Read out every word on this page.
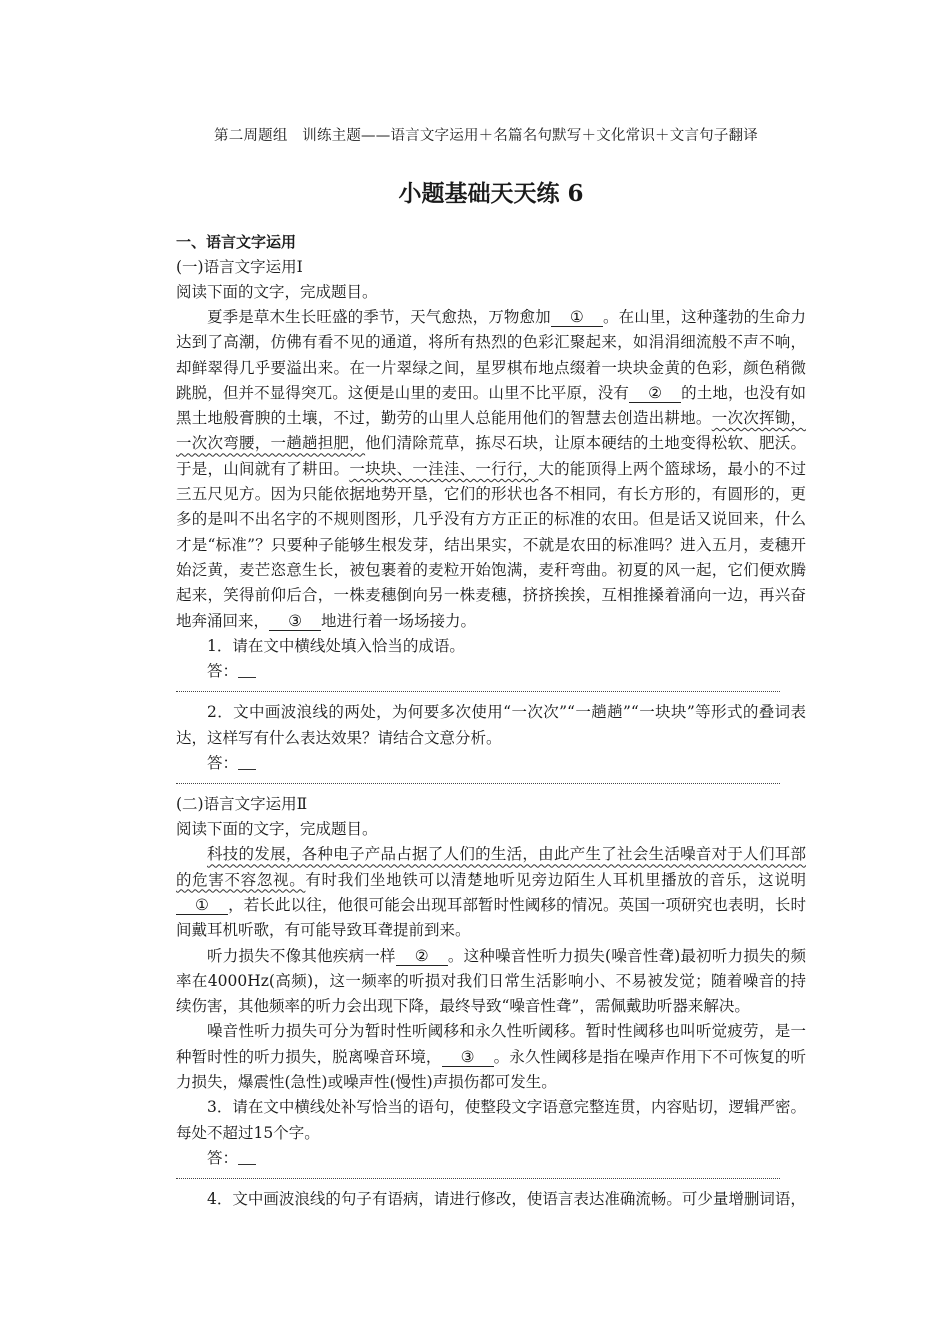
第二周题组　训练主题——语言文字运用＋名篇名句默写＋文化常识＋文言句子翻译
小题基础天天练 6

一、语言文字运用

(一)语言文字运用Ⅰ

阅读下面的文字，完成题目。

夏季是草木生长旺盛的季节，天气愈热，万物愈加 ① 。在山里，这种蓬勃的生命力达到了高潮，仿佛有看不见的通道，将所有热烈的色彩汇聚起来，如涓涓细流般不声不响，却鲜翠得几乎要溢出来。在一片翠绿之间，星罗棋布地点缀着一块块金黄的色彩，颜色稍微跳脱，但并不显得突兀。这便是山里的麦田。山里不比平原，没有 ② 的土地，也没有如黑土地般膏腴的土壤，不过，勤劳的山里人总能用他们的智慧去创造出耕地。一次次挥锄，一次次弯腰，一趟趟担肥，他们清除荒草，拣尽石块，让原本硬结的土地变得松软、肥沃。于是，山间就有了耕田。一块块、一洼洼、一行行，大的能顶得上两个篮球场，最小的不过三五尺见方。因为只能依据地势开垦，它们的形状也各不相同，有长方形的，有圆形的，更多的是叫不出名字的不规则图形，几乎没有方方正正的标准的农田。但是话又说回来，什么才是“标准”？只要种子能够生根发芽，结出果实，不就是农田的标准吗？进入五月，麦穗开始泛黄，麦芒恣意生长，被包裹着的麦粒开始饱满，麦秆弯曲。初夏的风一起，它们便欢腾起来，笑得前仰后合，一株麦穗倒向另一株麦穗，挤挤挨挨，互相推搡着涌向一边，再兴奋地奔涌回来， ③ 地进行着一场场接力。

1．请在文中横线处填入恰当的成语。

答：

2．文中画波浪线的两处，为何要多次使用“一次次”“一趟趟”“一块块”等形式的叠词表达，这样写有什么表达效果？请结合文意分析。

答：

(二)语言文字运用Ⅱ

阅读下面的文字，完成题目。

科技的发展，各种电子产品占据了人们的生活，由此产生了社会生活噪音对于人们耳部的危害不容忽视。有时我们坐地铁可以清楚地听见旁边陌生人耳机里播放的音乐，这说明① ，若长此以往，他很可能会出现耳部暂时性阈移的情况。英国一项研究也表明，长时间戴耳机听歌，有可能导致耳聋提前到来。

听力损失不像其他疾病一样 ② 。这种噪音性听力损失(噪音性聋)最初听力损失的频率在4000Hz(高频)，这一频率的听损对我们日常生活影响小、不易被发觉；随着噪音的持续伤害，其他频率的听力会出现下降，最终导致“噪音性聋”，需佩戴助听器来解决。

噪音性听力损失可分为暂时性听阈移和永久性听阈移。暂时性阈移也叫听觉疲劳，是一种暂时性的听力损失，脱离噪音环境， ③ 。永久性阈移是指在噪声作用下不可恢复的听力损失，爆震性(急性)或噪声性(慢性)声损伤都可发生。

3．请在文中横线处补写恰当的语句，使整段文字语意完整连贯，内容贴切，逻辑严密。每处不超过15个字。

答：

4．文中画波浪线的句子有语病，请进行修改，使语言表达准确流畅。可少量增删词语，
